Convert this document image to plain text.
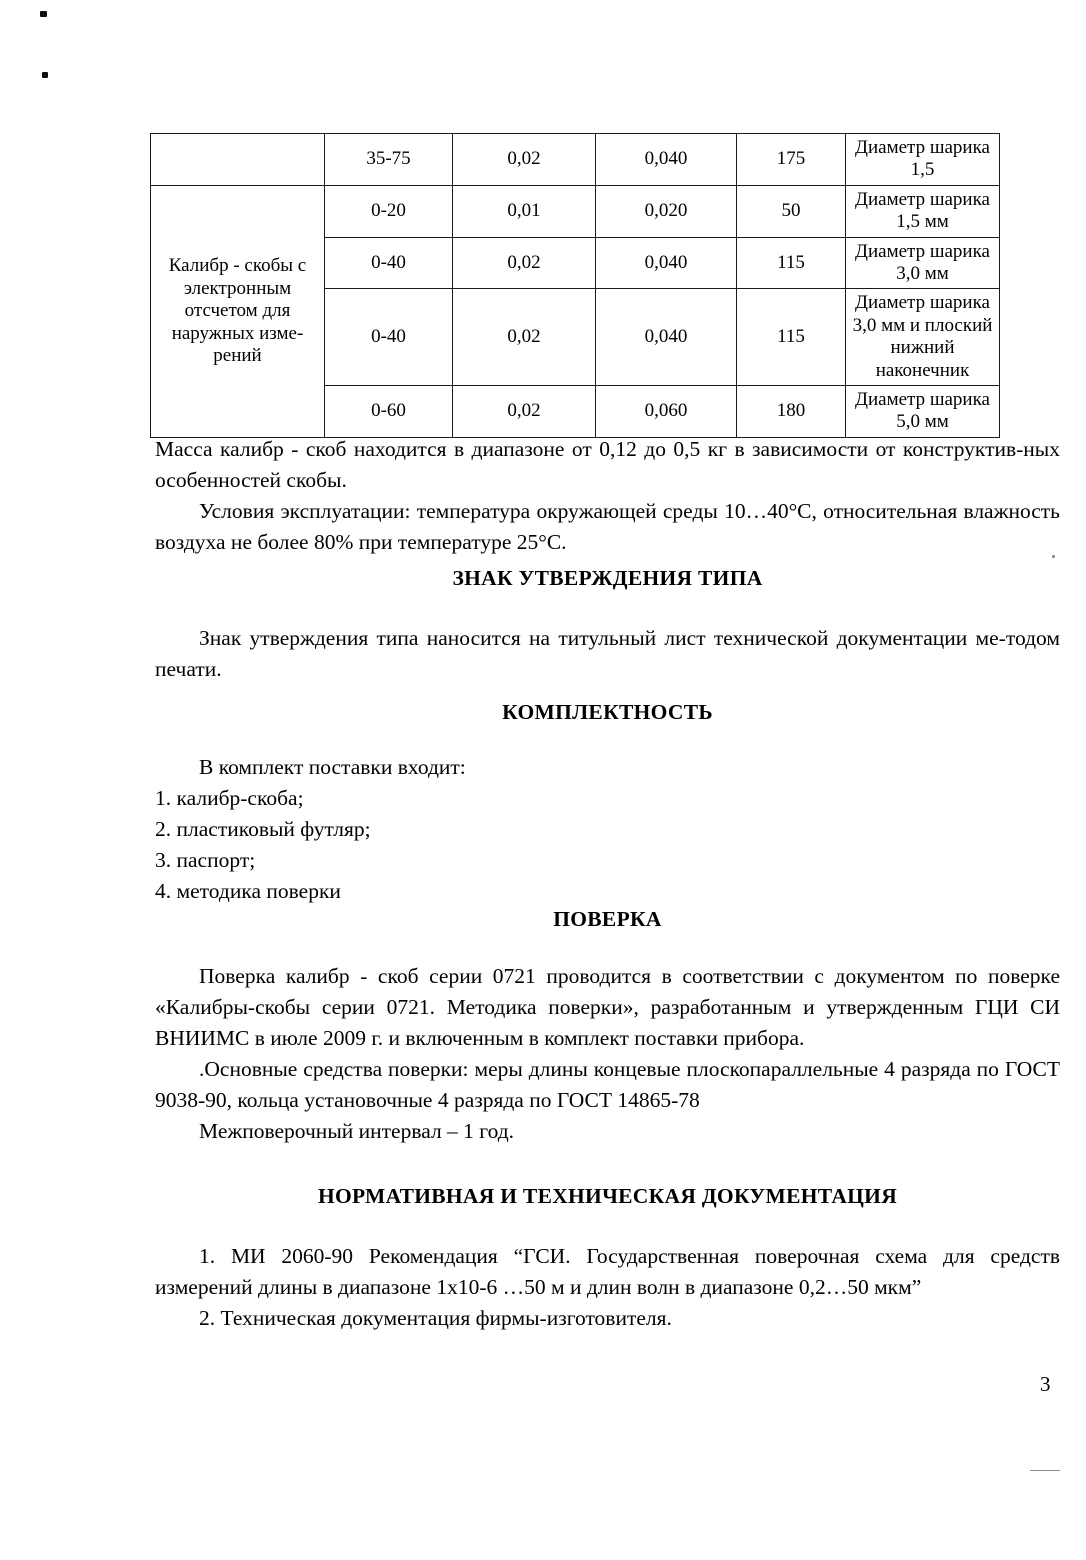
	35-75	0,02	0,040	175	Диаметр шарика 1,5
Калибр - скобы с электронным отсчетом для наружных изме-рений	0-20	0,01	0,020	50	Диаметр шарика 1,5 мм
	0-40	0,02	0,040	115	Диаметр шарика 3,0 мм
	0-40	0,02	0,040	115	Диаметр шарика 3,0 мм и плоский нижний наконечник
	0-60	0,02	0,060	180	Диаметр шарика 5,0 мм

Масса калибр - скоб находится в диапазоне от 0,12 до 0,5 кг в зависимости от конструктив-ных особенностей скобы.

Условия эксплуатации: температура окружающей среды 10…40°С, относительная влажность воздуха не более 80% при температуре 25°С.

ЗНАК УТВЕРЖДЕНИЯ ТИПА

Знак утверждения типа наносится на титульный лист технической документации ме-тодом печати.

КОМПЛЕКТНОСТЬ

В комплект поставки входит:

1. калибр-скоба;
2. пластиковый футляр;
3. паспорт;
4. методика поверки
ПОВЕРКА

Поверка калибр - скоб серии 0721 проводится в соответствии с документом по поверке «Калибры-скобы серии 0721. Методика поверки», разработанным и утвержденным ГЦИ СИ ВНИИМС в июле 2009 г. и включенным в комплект поставки прибора.

.Основные средства поверки: меры длины концевые плоскопараллельные 4 разряда по ГОСТ 9038-90, кольца установочные 4 разряда по ГОСТ 14865-78

Межповерочный интервал – 1 год.

НОРМАТИВНАЯ И ТЕХНИЧЕСКАЯ ДОКУМЕНТАЦИЯ

1. МИ 2060-90 Рекомендация “ГСИ. Государственная поверочная схема для средств измерений длины в диапазоне 1x10-6 …50 м и длин волн в диапазоне 0,2…50 мкм”

2. Техническая документация фирмы-изготовителя.

3
